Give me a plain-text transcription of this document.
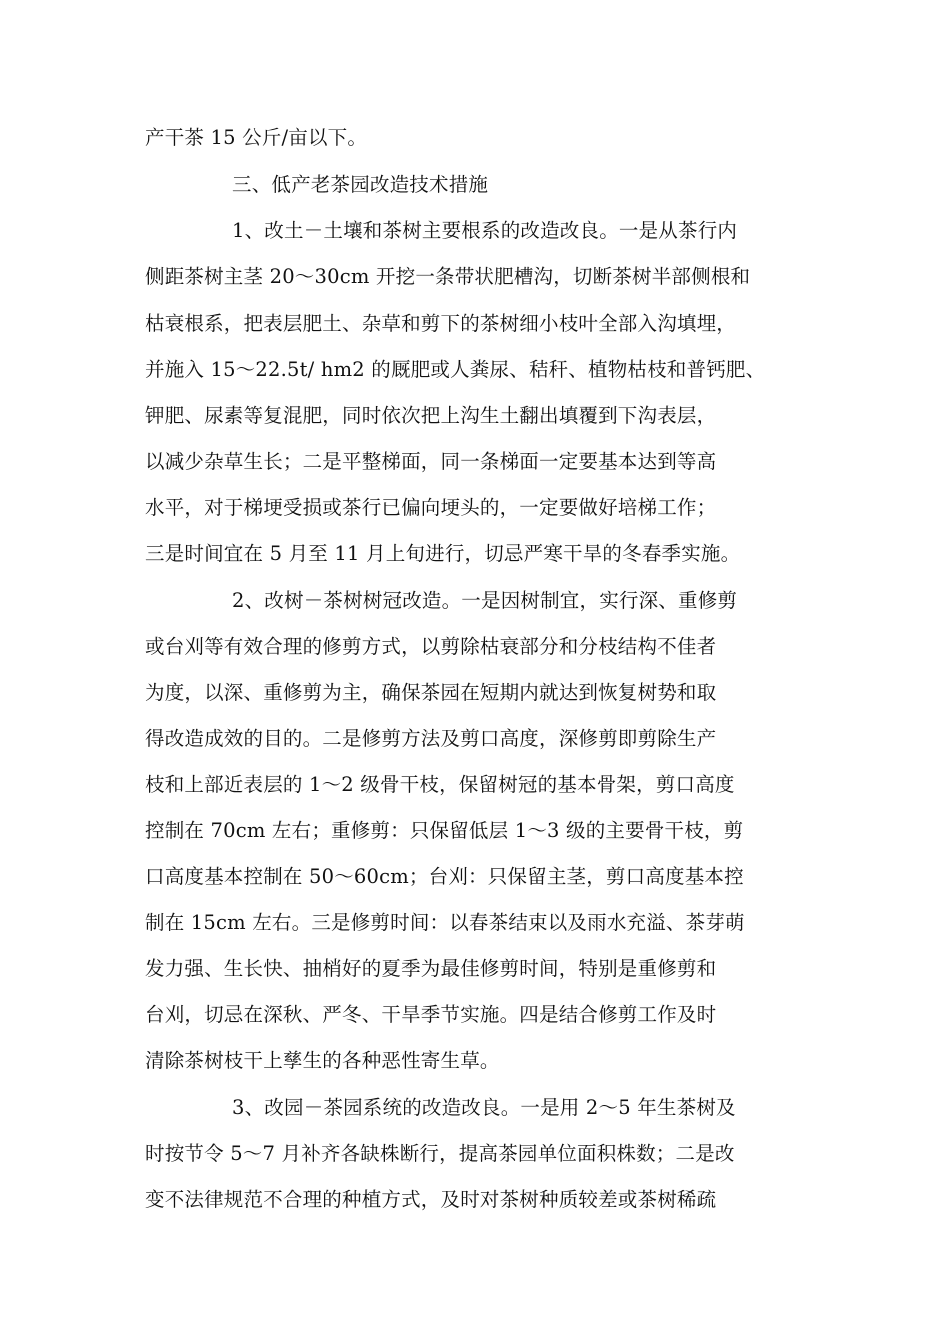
产干茶 15 公斤/亩以下。
三、低产老茶园改造技术措施
1、改土－土壤和茶树主要根系的改造改良。一是从茶行内
侧距茶树主茎 20～30cm 开挖一条带状肥槽沟，切断茶树半部侧根和
枯衰根系，把表层肥土、杂草和剪下的茶树细小枝叶全部入沟填埋，
并施入 15～22.5t/ hm2 的厩肥或人粪尿、秸秆、植物枯枝和普钙肥、
钾肥、尿素等复混肥，同时依次把上沟生土翻出填覆到下沟表层，
以减少杂草生长；二是平整梯面，同一条梯面一定要基本达到等高
水平，对于梯埂受损或茶行已偏向埂头的，一定要做好培梯工作；
三是时间宜在 5 月至 11 月上旬进行，切忌严寒干旱的冬春季实施。
2、改树－茶树树冠改造。一是因树制宜，实行深、重修剪
或台刈等有效合理的修剪方式，以剪除枯衰部分和分枝结构不佳者
为度，以深、重修剪为主，确保茶园在短期内就达到恢复树势和取
得改造成效的目的。二是修剪方法及剪口高度，深修剪即剪除生产
枝和上部近表层的 1～2 级骨干枝，保留树冠的基本骨架，剪口高度
控制在 70cm 左右；重修剪：只保留低层 1～3 级的主要骨干枝，剪
口高度基本控制在 50～60cm；台刈：只保留主茎，剪口高度基本控
制在 15cm 左右。三是修剪时间：以春茶结束以及雨水充溢、茶芽萌
发力强、生长快、抽梢好的夏季为最佳修剪时间，特别是重修剪和
台刈，切忌在深秋、严冬、干旱季节实施。四是结合修剪工作及时
清除茶树枝干上孳生的各种恶性寄生草。
3、改园－茶园系统的改造改良。一是用 2～5 年生茶树及
时按节令 5～7 月补齐各缺株断行，提高茶园单位面积株数；二是改
变不法律规范不合理的种植方式，及时对茶树种质较差或茶树稀疏
